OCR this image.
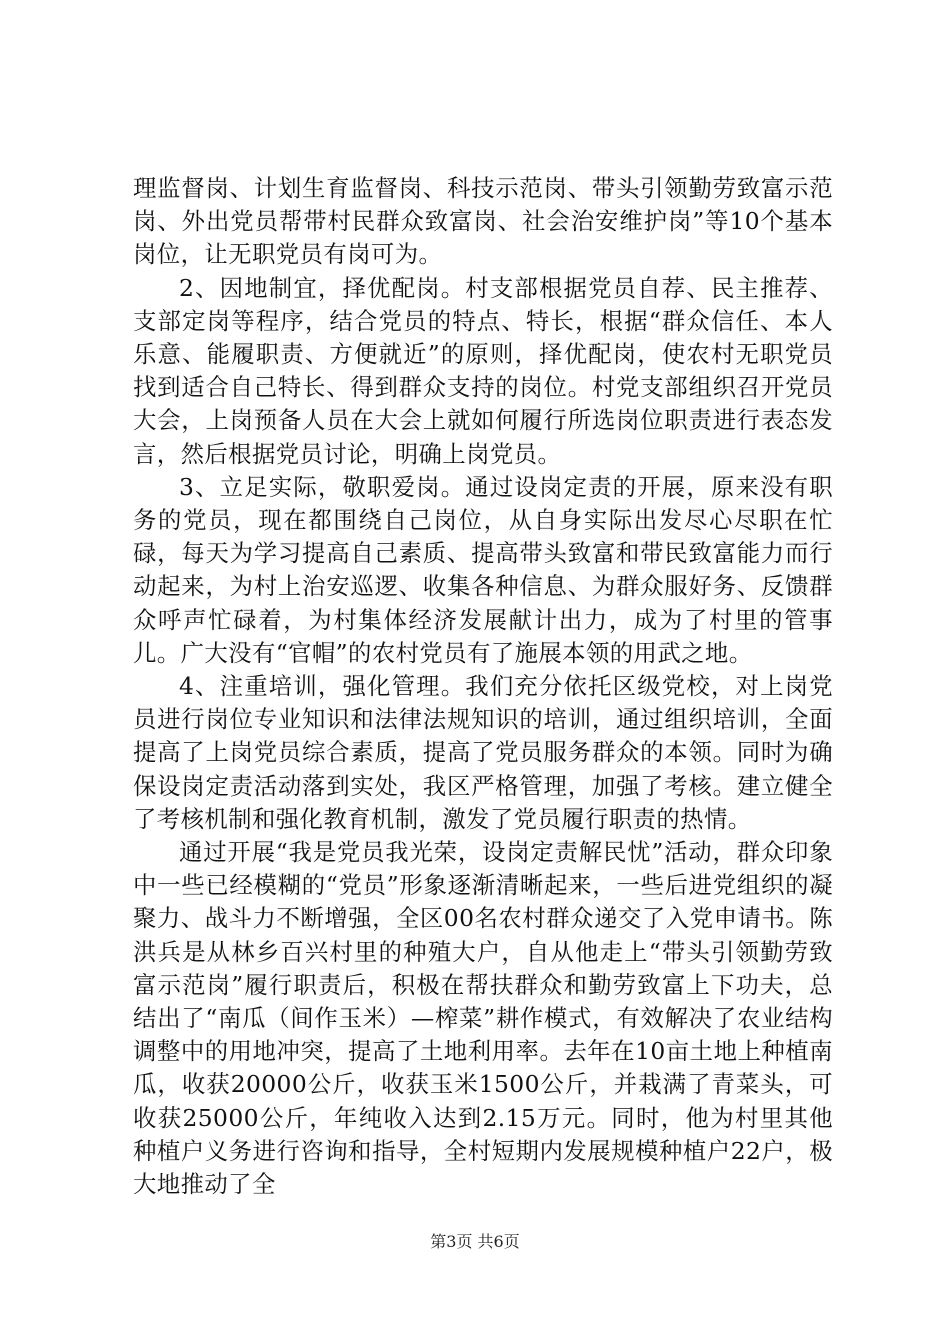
理监督岗、计划生育监督岗、科技示范岗、带头引领勤劳致富示范岗、外出党员帮带村民群众致富岗、社会治安维护岗”等10个基本岗位，让无职党员有岗可为。

2、因地制宜，择优配岗。村支部根据党员自荐、民主推荐、支部定岗等程序，结合党员的特点、特长，根据“群众信任、本人乐意、能履职责、方便就近”的原则，择优配岗，使农村无职党员找到适合自己特长、得到群众支持的岗位。村党支部组织召开党员大会，上岗预备人员在大会上就如何履行所选岗位职责进行表态发言，然后根据党员讨论，明确上岗党员。

3、立足实际，敬职爱岗。通过设岗定责的开展，原来没有职务的党员，现在都围绕自己岗位，从自身实际出发尽心尽职在忙碌，每天为学习提高自己素质、提高带头致富和带民致富能力而行动起来，为村上治安巡逻、收集各种信息、为群众服好务、反馈群众呼声忙碌着，为村集体经济发展献计出力，成为了村里的管事儿。广大没有“官帽”的农村党员有了施展本领的用武之地。

4、注重培训，强化管理。我们充分依托区级党校，对上岗党员进行岗位专业知识和法律法规知识的培训，通过组织培训，全面提高了上岗党员综合素质，提高了党员服务群众的本领。同时为确保设岗定责活动落到实处，我区严格管理，加强了考核。建立健全了考核机制和强化教育机制，激发了党员履行职责的热情。

通过开展“我是党员我光荣，设岗定责解民忧”活动，群众印象中一些已经模糊的“党员”形象逐渐清晰起来，一些后进党组织的凝聚力、战斗力不断增强，全区00名农村群众递交了入党申请书。陈洪兵是从林乡百兴村里的种殖大户，自从他走上“带头引领勤劳致富示范岗”履行职责后，积极在帮扶群众和勤劳致富上下功夫，总结出了“南瓜（间作玉米）—榨菜”耕作模式，有效解决了农业结构调整中的用地冲突，提高了土地利用率。去年在10亩土地上种植南瓜，收获20000公斤，收获玉米1500公斤，并栽满了青菜头，可收获25000公斤，年纯收入达到2.15万元。同时，他为村里其他种植户义务进行咨询和指导，全村短期内发展规模种植户22户，极大地推动了全

第3页 共6页
